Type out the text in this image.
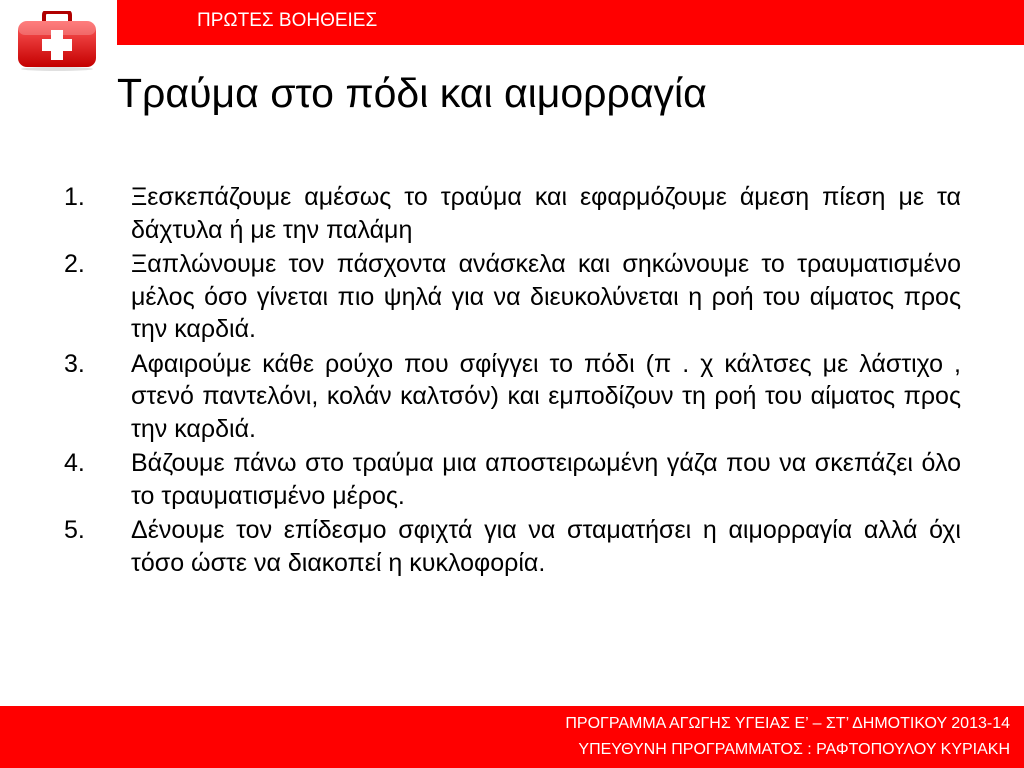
ΠΡΩΤΕΣ ΒΟΗΘΕΙΕΣ
Τραύμα στο πόδι και αιμορραγία
1.	Ξεσκεπάζουμε αμέσως το τραύμα και εφαρμόζουμε άμεση πίεση με τα δάχτυλα ή με την παλάμη
2.	Ξαπλώνουμε τον πάσχοντα ανάσκελα και σηκώνουμε το τραυματισμένο μέλος όσο γίνεται πιο ψηλά για να διευκολύνεται η ροή του αίματος προς την καρδιά.
3.	Αφαιρούμε κάθε ρούχο που σφίγγει το πόδι (π . χ κάλτσες με λάστιχο , στενό παντελόνι, κολάν καλτσόν) και εμποδίζουν τη ροή του αίματος προς την καρδιά.
4.	Βάζουμε πάνω στο τραύμα μια αποστειρωμένη γάζα που να σκεπάζει όλο το τραυματισμένο μέρος.
5.	Δένουμε τον επίδεσμο σφιχτά για να σταματήσει η αιμορραγία αλλά όχι τόσο ώστε να διακοπεί η κυκλοφορία.
ΠΡΟΓΡΑΜΜΑ ΑΓΩΓΗΣ ΥΓΕΙΑΣ Ε’ – ΣΤ’ ΔΗΜΟΤΙΚΟΥ 2013-14
ΥΠΕΥΘΥΝΗ ΠΡΟΓΡΑΜΜΑΤΟΣ : ΡΑΦΤΟΠΟΥΛΟΥ ΚΥΡΙΑΚΗ
